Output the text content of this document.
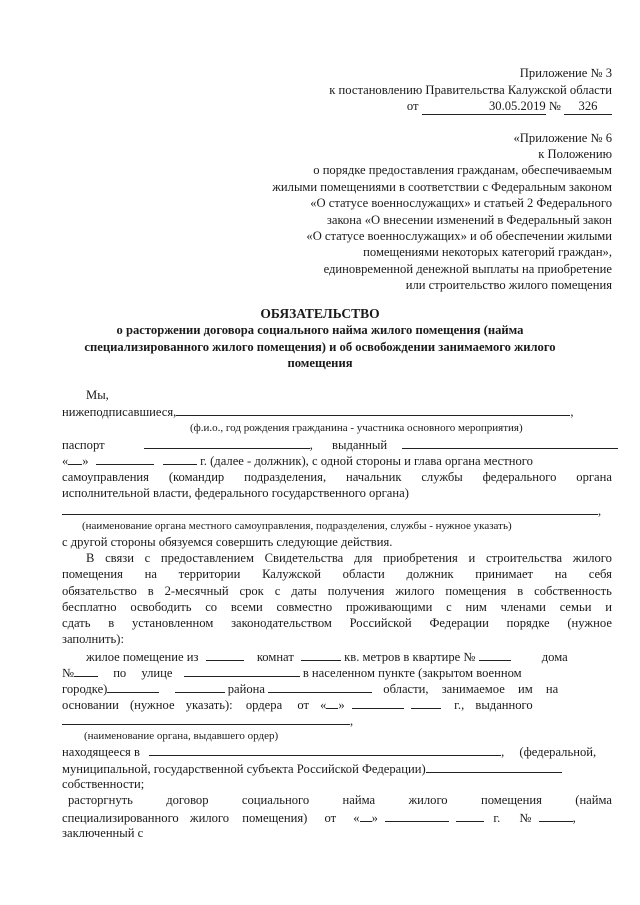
Приложение № 3
к постановлению Правительства Калужской области
от	30.05.2019 № 326
«Приложение № 6
к Положению
о порядке предоставления гражданам, обеспечиваемым
жилыми помещениями в соответствии с Федеральным законом
«О статусе военнослужащих» и статьей 2 Федерального
закона «О внесении изменений в Федеральный закон
«О статусе военнослужащих» и об обеспечении жилыми
помещениями некоторых категорий граждан»,
единовременной денежной выплаты на приобретение
или строительство жилого помещения
ОБЯЗАТЕЛЬСТВО
о расторжении договора социального найма жилого помещения (найма
специализированного жилого помещения) и об освобождении занимаемого жилого
помещения
Мы,
нижеподписавшиеся,	,
(ф.и.о., год рождения гражданина - участника основного мероприятия)
паспорт	, выданный
« »	г. (далее - должник), с одной стороны и глава органа местного
самоуправления (командир подразделения, начальник службы федерального органа
исполнительной власти, федерального государственного органа)
,
(наименование органа местного самоуправления, подразделения, службы - нужное указать)
с другой стороны обязуемся совершить следующие действия.
В связи с предоставлением Свидетельства для приобретения и строительства жилого
помещения на территории Калужской области должник принимает на себя
обязательство в 2-месячный срок с даты получения жилого помещения в собственность
бесплатно освободить со всеми совместно проживающими с ним членами семьи и
сдать в установленном законодательством Российской Федерации порядке (нужное
заполнить):
жилое помещение из	комнат	кв. метров в квартире №	дома
№	по улице	в населенном пункте (закрытом военном
городке)	района	области, занимаемое им на
основании (нужное указать): ордера от « »	г., выданного
,
(наименование органа, выдавшего ордер)
находящееся в	, (федеральной,
муниципальной, государственной субъекта Российской Федерации)
собственности;
расторгнуть	договор	социального	найма	жилого	помещения	(найма
специализированного жилого помещения) от « »	г. №	,
заключенный с
